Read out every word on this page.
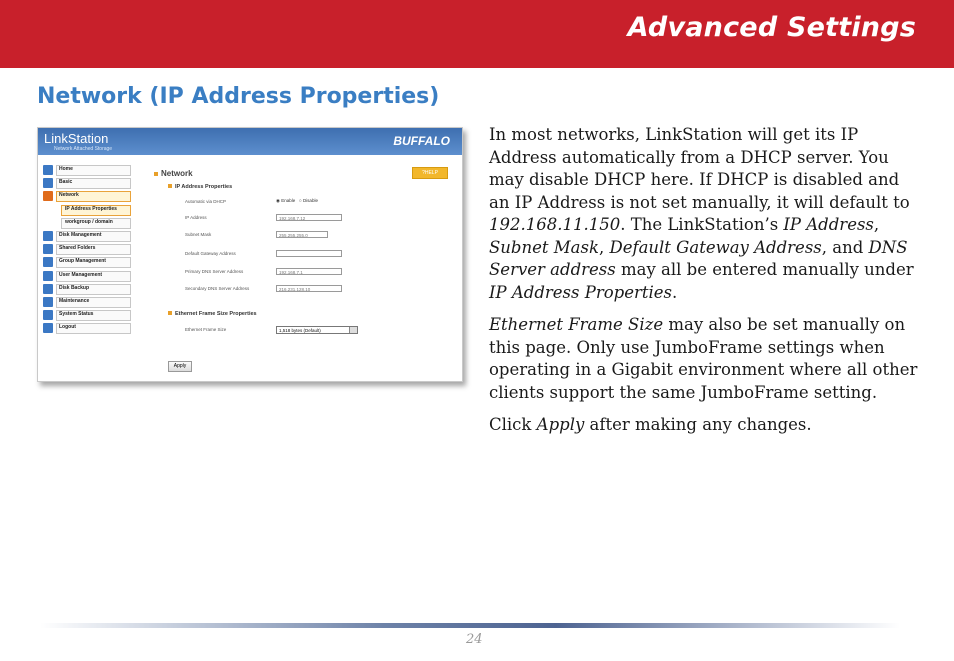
Advanced Settings
Network (IP Address Properties)
LinkStation
Network Attached Storage
BUFFALO
Home
Basic
Network
IP Address Properties
workgroup / domain
Disk Management
Shared Folders
Group Management
User Management
Disk Backup
Maintenance
System Status
Logout
Network	?HELP
IP Address Properties
Automatic via DHCP	◉ Enable ○ Disable
IP Address	192.168.7.12
Subnet Mask	255.255.255.0
Default Gateway Address
Primary DNS Server Address	192.168.7.1
Secondary DNS Server Address	216.231.128.10
Ethernet Frame Size Properties
Ethernet Frame Size	1,518 bytes (Default)
Apply

In most networks, LinkStation will get its IP Address automatically from a DHCP server. You may disable DHCP here. If DHCP is disabled and an IP Address is not set manually, it will default to 192.168.11.150. The LinkStation’s IP Address, Subnet Mask, Default Gateway Address, and DNS Server address may all be entered manually under IP Address Properties.

Ethernet Frame Size may also be set manually on this page. Only use JumboFrame settings when operating in a Gigabit environment where all other clients support the same JumboFrame setting.

Click Apply after making any changes.

24
